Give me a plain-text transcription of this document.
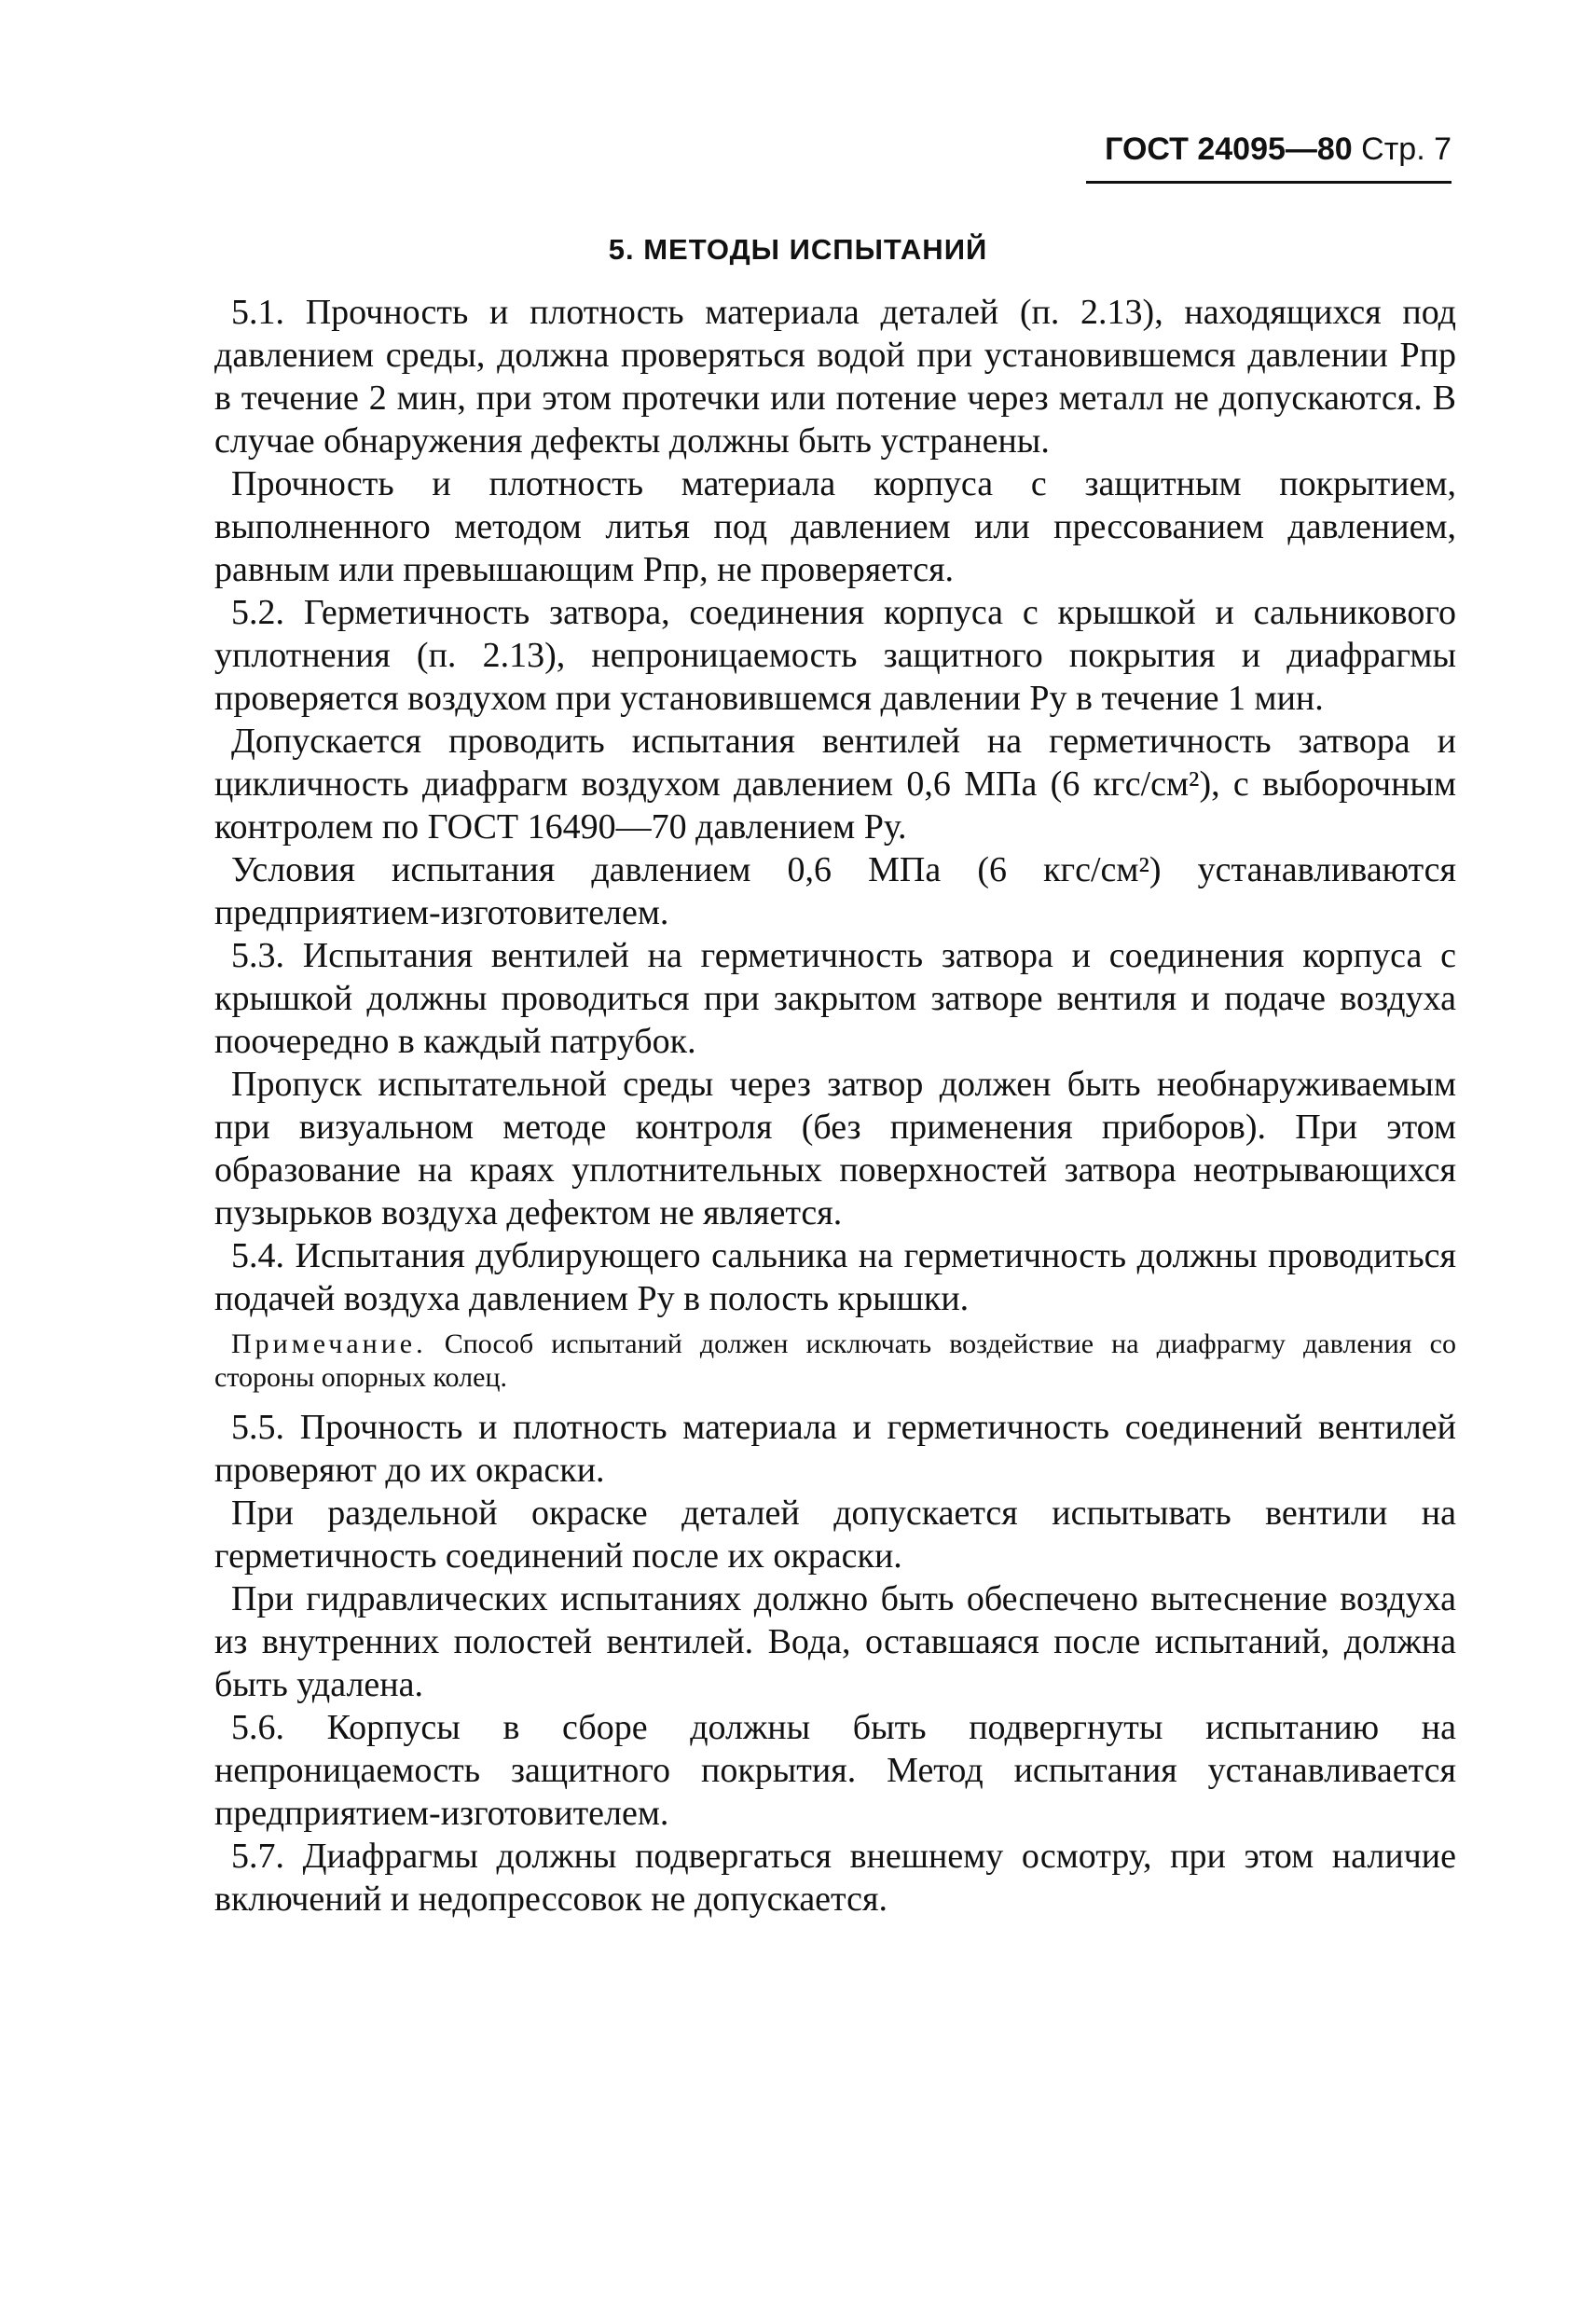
ГОСТ 24095—80 Стр. 7
5. МЕТОДЫ ИСПЫТАНИЙ

5.1. Прочность и плотность материала деталей (п. 2.13), находящихся под давлением среды, должна проверяться водой при установившемся давлении Pпр в течение 2 мин, при этом протечки или потение через металл не допускаются. В случае обнаружения дефекты должны быть устранены.

Прочность и плотность материала корпуса с защитным покрытием, выполненного методом литья под давлением или прессованием давлением, равным или превышающим Pпр, не проверяется.

5.2. Герметичность затвора, соединения корпуса с крышкой и сальникового уплотнения (п. 2.13), непроницаемость защитного покрытия и диафрагмы проверяется воздухом при установившемся давлении Pу в течение 1 мин.

Допускается проводить испытания вентилей на герметичность затвора и цикличность диафрагм воздухом давлением 0,6 МПа (6 кгс/см²), с выборочным контролем по ГОСТ 16490—70 давлением Pу.

Условия испытания давлением 0,6 МПа (6 кгс/см²) устанавливаются предприятием-изготовителем.

5.3. Испытания вентилей на герметичность затвора и соединения корпуса с крышкой должны проводиться при закрытом затворе вентиля и подаче воздуха поочередно в каждый патрубок.

Пропуск испытательной среды через затвор должен быть необнаруживаемым при визуальном методе контроля (без применения приборов). При этом образование на краях уплотнительных поверхностей затвора неотрывающихся пузырьков воздуха дефектом не является.

5.4. Испытания дублирующего сальника на герметичность должны проводиться подачей воздуха давлением Pу в полость крышки.

Примечание. Способ испытаний должен исключать воздействие на диафрагму давления со стороны опорных колец.

5.5. Прочность и плотность материала и герметичность соединений вентилей проверяют до их окраски.

При раздельной окраске деталей допускается испытывать вентили на герметичность соединений после их окраски.

При гидравлических испытаниях должно быть обеспечено вытеснение воздуха из внутренних полостей вентилей. Вода, оставшаяся после испытаний, должна быть удалена.

5.6. Корпусы в сборе должны быть подвергнуты испытанию на непроницаемость защитного покрытия. Метод испытания устанавливается предприятием-изготовителем.

5.7. Диафрагмы должны подвергаться внешнему осмотру, при этом наличие включений и недопрессовок не допускается.
